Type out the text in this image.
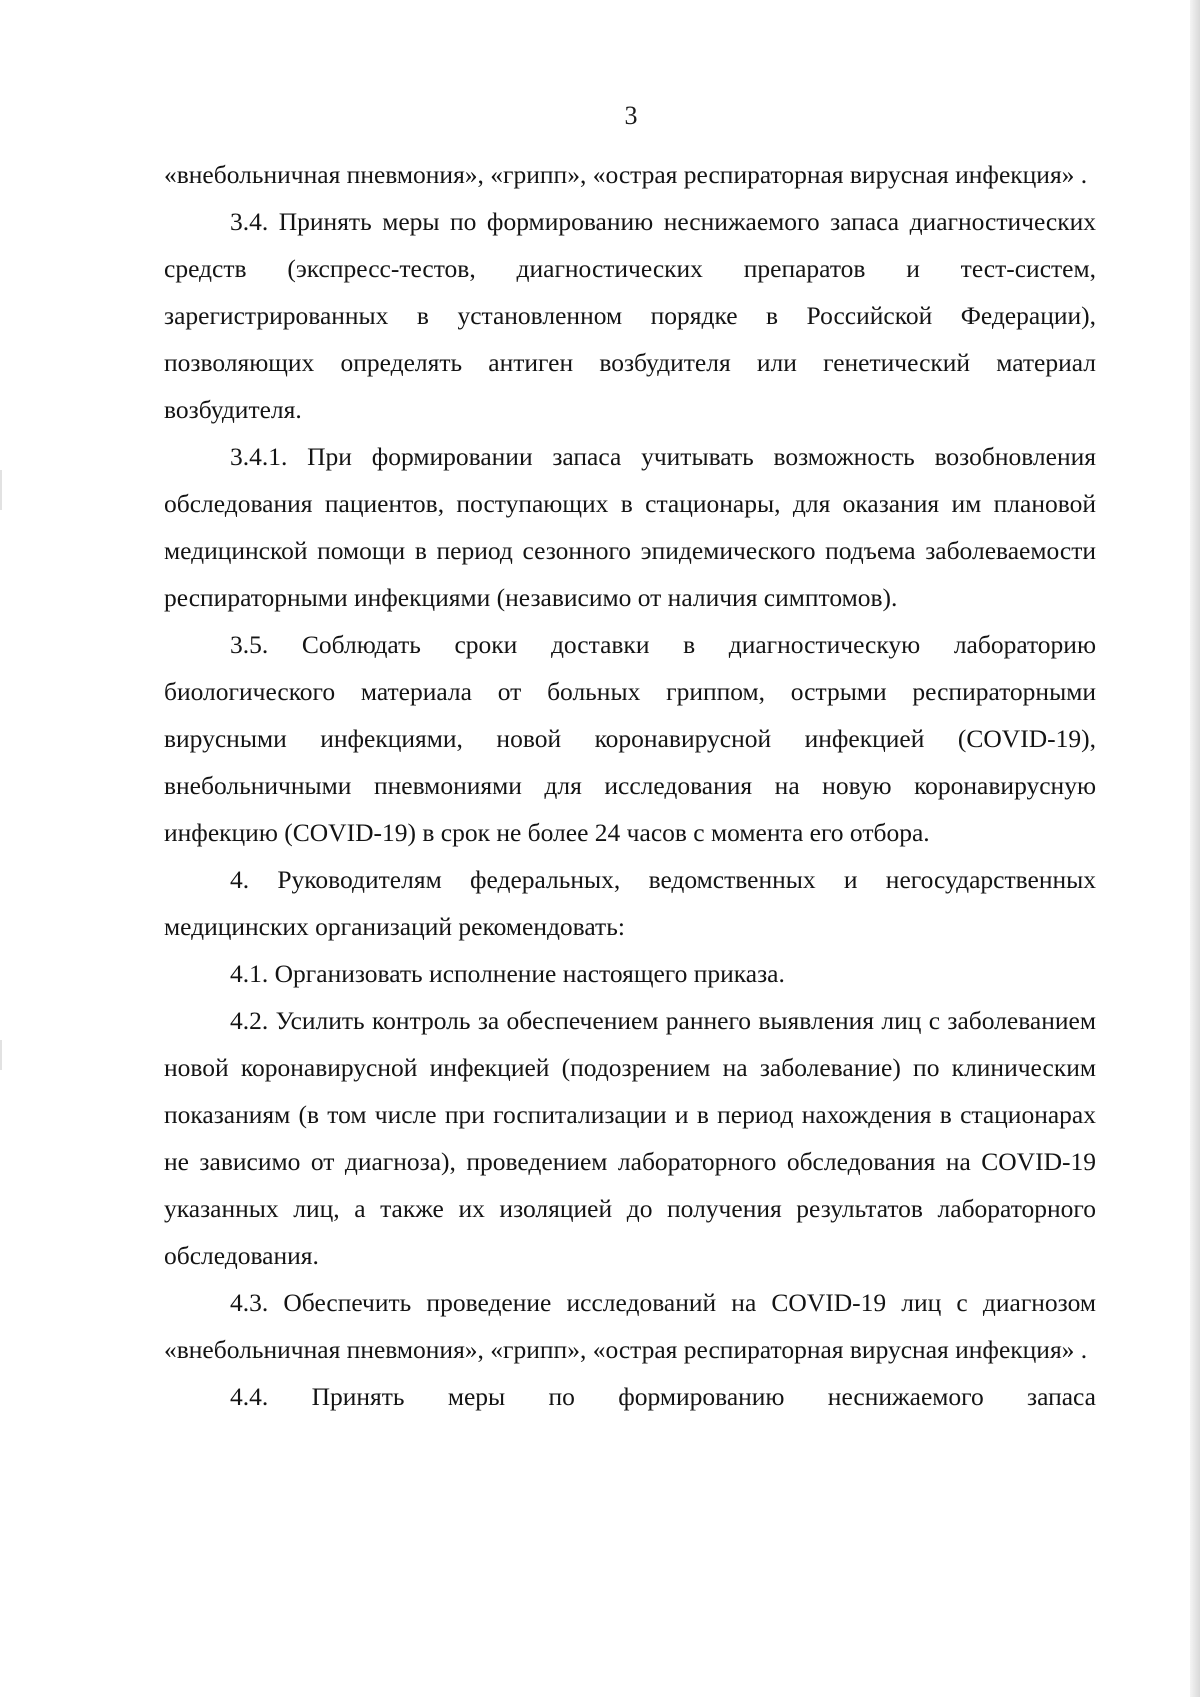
3

«внебольничная пневмония», «грипп», «острая респираторная вирусная инфекция» .

3.4. Принять меры по формированию неснижаемого запаса диагностических средств (экспресс-тестов, диагностических препаратов и тест-систем, зарегистрированных в установленном порядке в Российской Федерации), позволяющих определять антиген возбудителя или генетический материал возбудителя.

3.4.1. При формировании запаса учитывать возможность возобновления обследования пациентов, поступающих в стационары, для оказания им плановой медицинской помощи в период сезонного эпидемического подъема заболеваемости респираторными инфекциями (независимо от наличия симптомов).

3.5. Соблюдать сроки доставки в диагностическую лабораторию биологического материала от больных гриппом, острыми респираторными вирусными инфекциями, новой коронавирусной инфекцией (COVID-19), внебольничными пневмониями для исследования на новую коронавирусную инфекцию (COVID-19) в срок не более 24 часов с момента его отбора.

4. Руководителям федеральных, ведомственных и негосударственных медицинских организаций рекомендовать:

4.1. Организовать исполнение настоящего приказа.

4.2. Усилить контроль за обеспечением раннего выявления лиц с заболеванием новой коронавирусной инфекцией (подозрением на заболевание) по клиническим показаниям (в том числе при госпитализации и в период нахождения в стационарах не зависимо от диагноза), проведением лабораторного обследования на COVID-19 указанных лиц, а также их изоляцией до получения результатов лабораторного обследования.

4.3. Обеспечить проведение исследований на COVID-19 лиц с диагнозом «внебольничная пневмония», «грипп», «острая респираторная вирусная инфекция» .

4.4. Принять меры по формированию неснижаемого запаса
